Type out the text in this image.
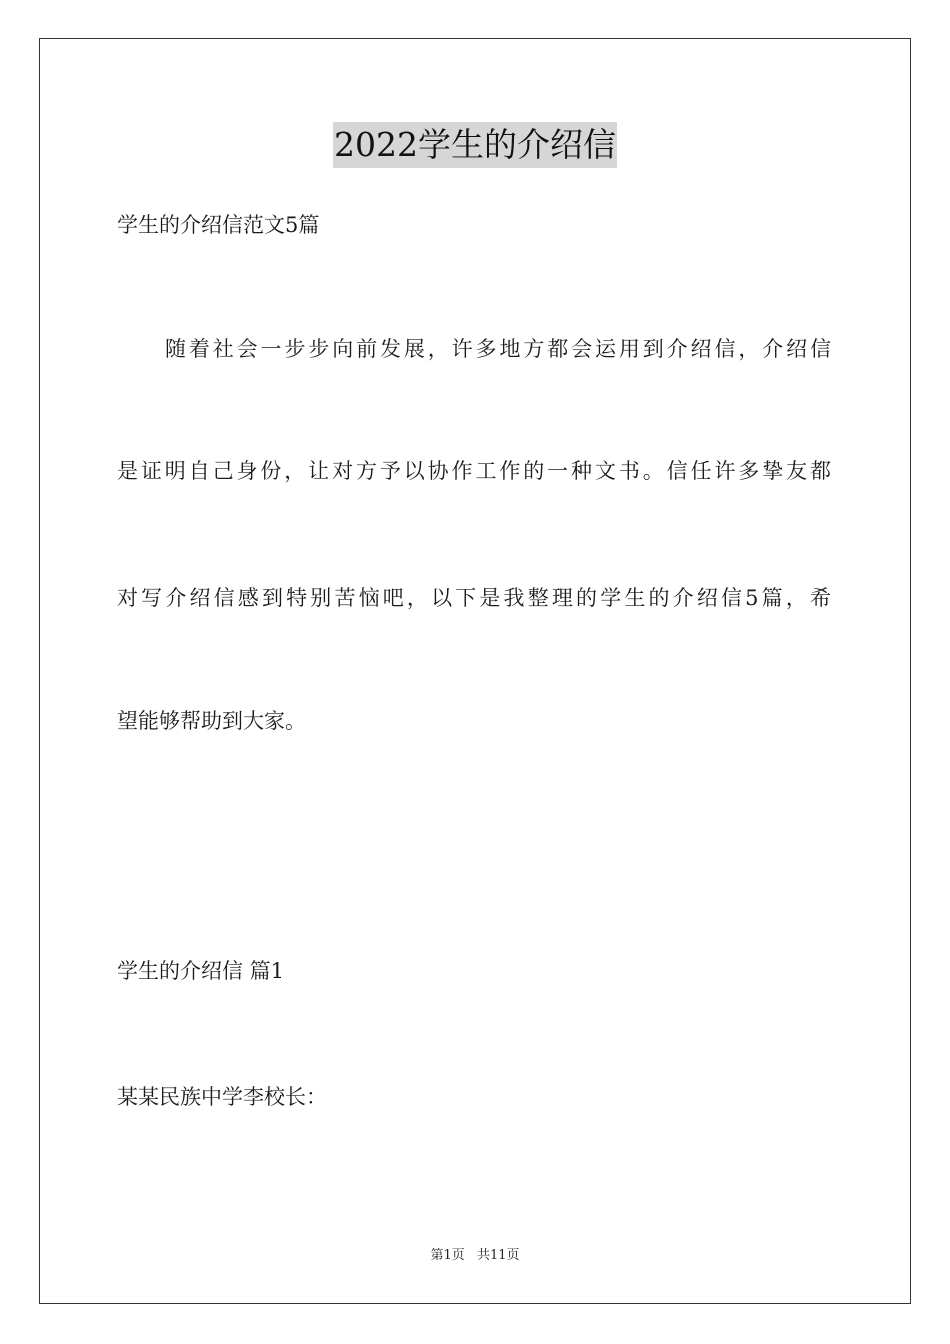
2022学生的介绍信
学生的介绍信范文5篇
随着社会一步步向前发展，许多地方都会运用到介绍信，介绍信
是证明自己身份，让对方予以协作工作的一种文书。信任许多挚友都
对写介绍信感到特别苦恼吧，以下是我整理的学生的介绍信5篇，希
望能够帮助到大家。
学生的介绍信 篇1
某某民族中学李校长：
第1页 共11页
